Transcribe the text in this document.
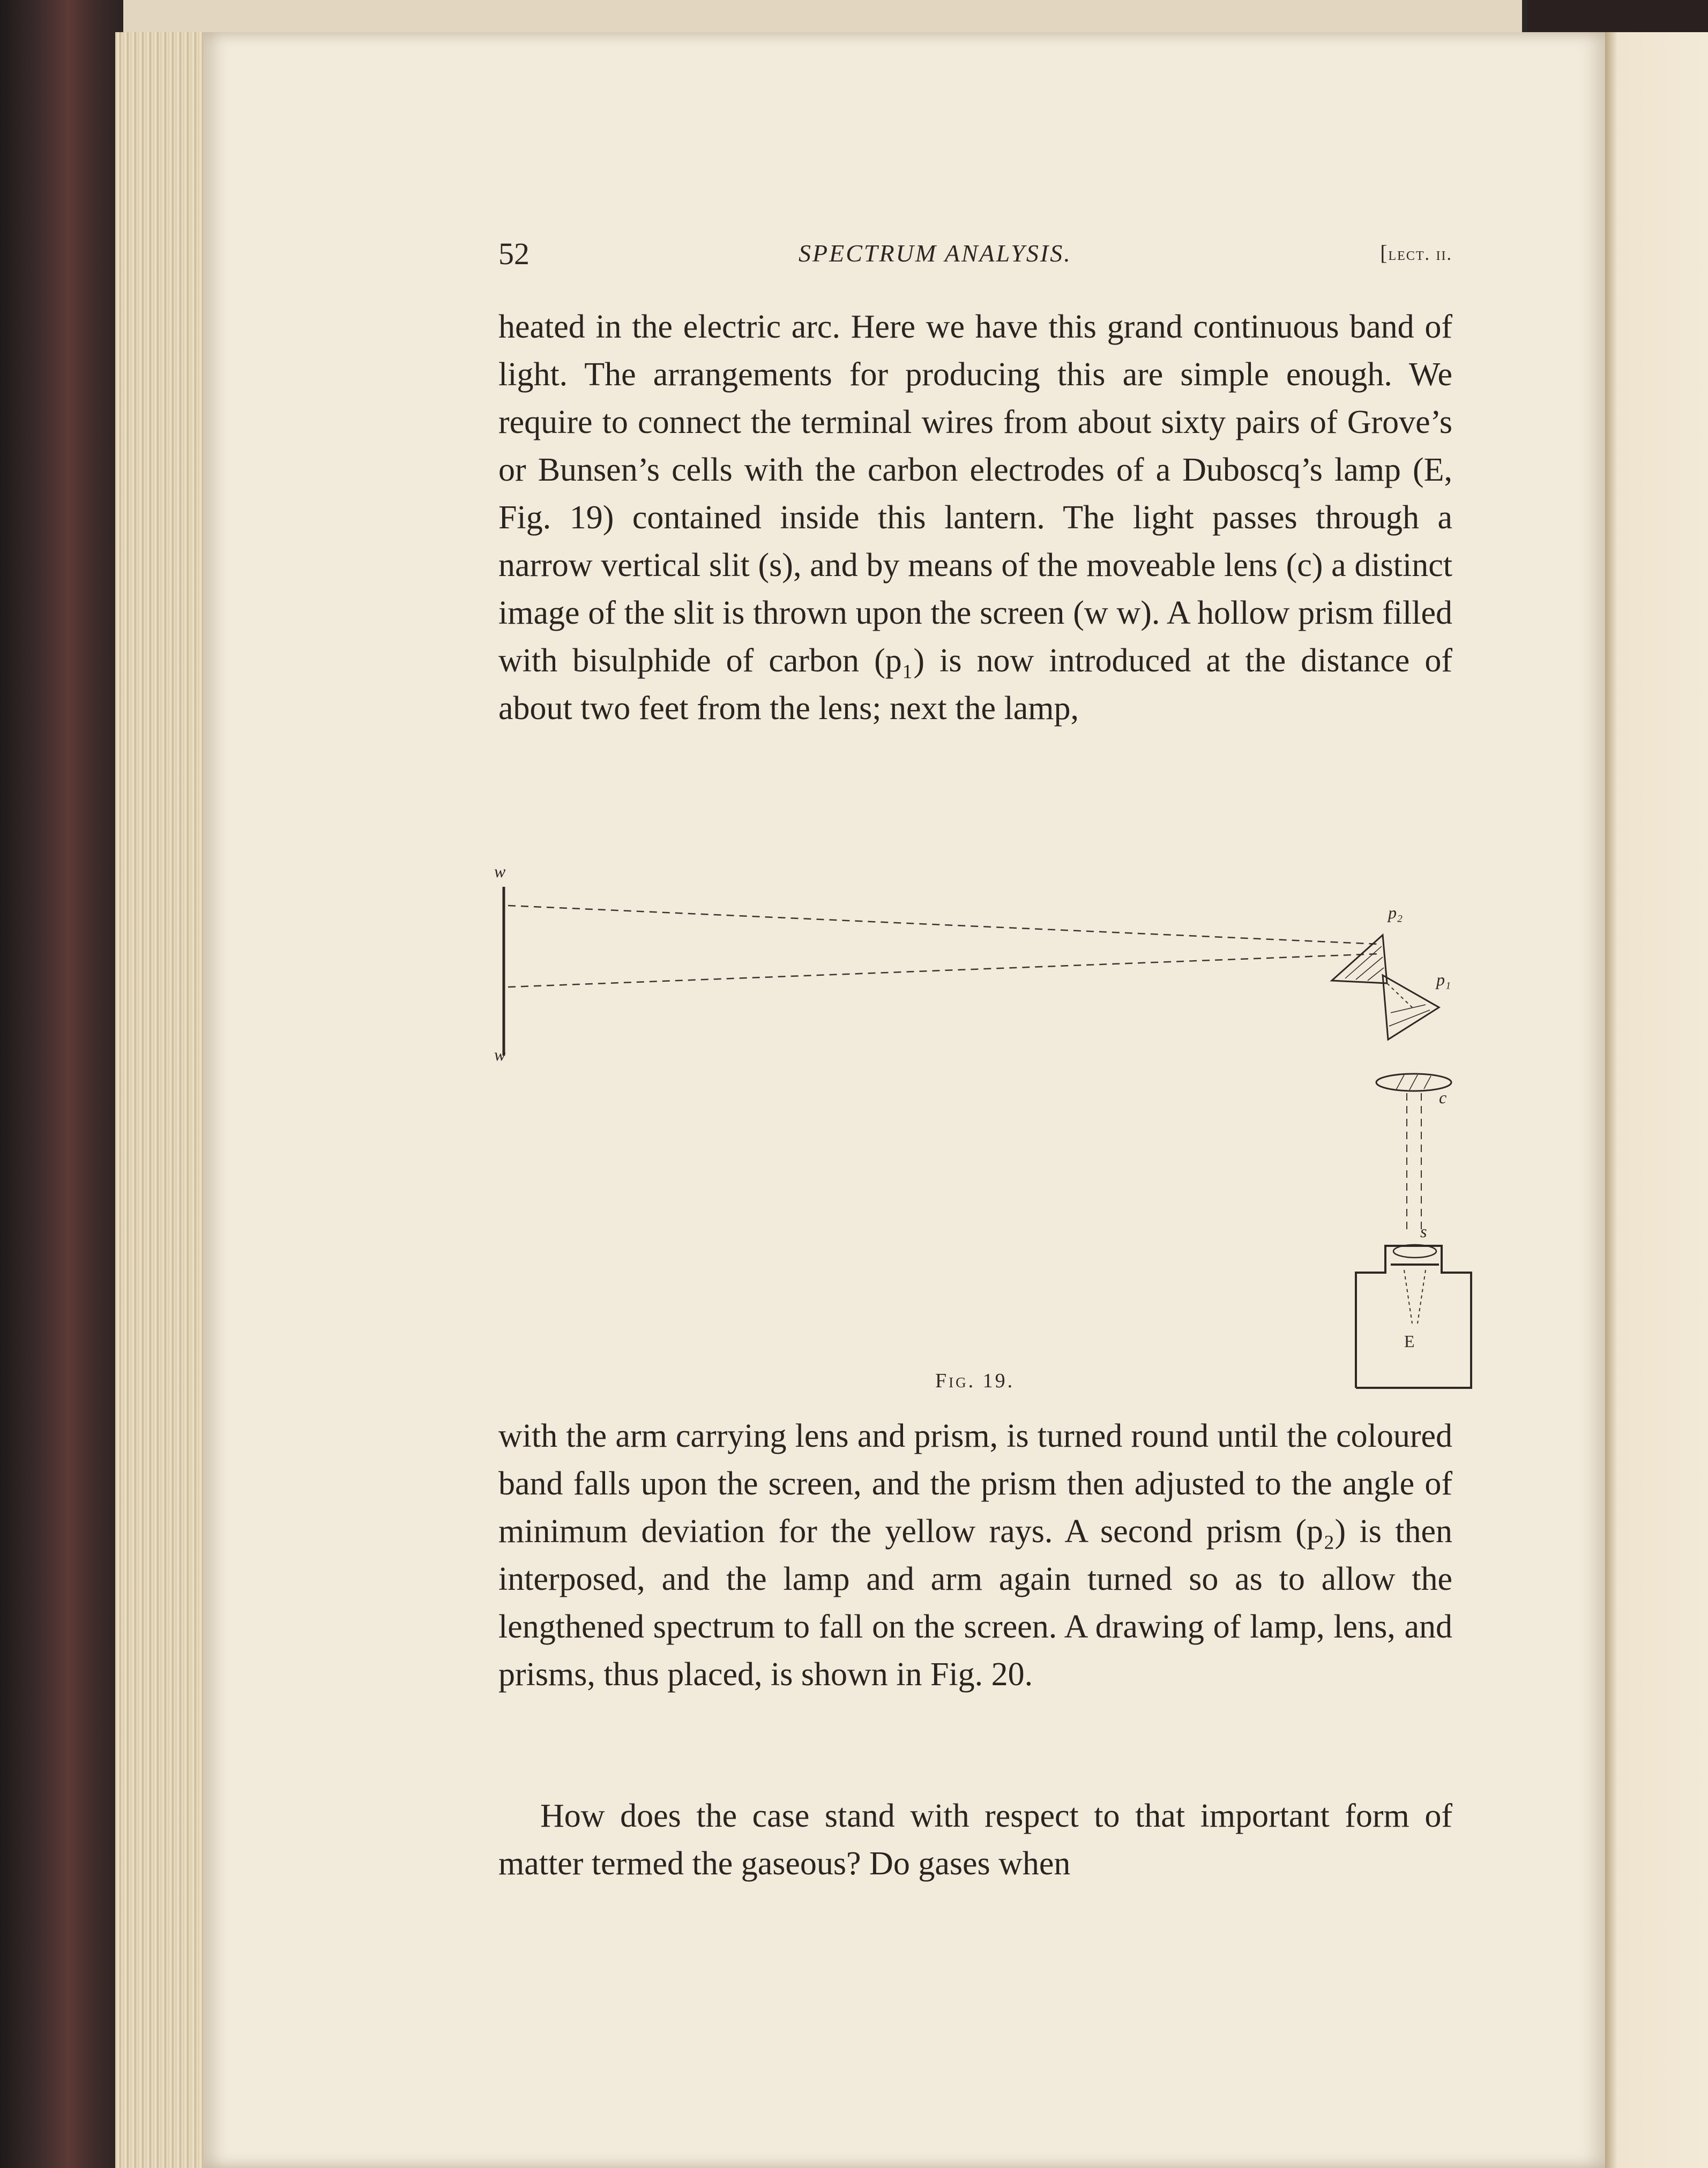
52	SPECTRUM ANALYSIS.	[lect. ii.

heated in the electric arc. Here we have this grand continuous band of light. The arrangements for producing this are simple enough. We require to connect the terminal wires from about sixty pairs of Grove’s or Bunsen’s cells with the carbon electrodes of a Duboscq’s lamp (E, Fig. 19) contained inside this lantern. The light passes through a narrow vertical slit (s), and by means of the moveable lens (c) a distinct image of the slit is thrown upon the screen (w w). A hollow prism filled with bisulphide of carbon (p₁) is now introduced at the distance of about two feet from the lens; next the lamp,

w
w
p₂
p₁
c
s
E
Fig. 19.

with the arm carrying lens and prism, is turned round until the coloured band falls upon the screen, and the prism then adjusted to the angle of minimum deviation for the yellow rays. A second prism (p₂) is then interposed, and the lamp and arm again turned so as to allow the lengthened spectrum to fall on the screen. A drawing of lamp, lens, and prisms, thus placed, is shown in Fig. 20.

How does the case stand with respect to that important form of matter termed the gaseous? Do gases when
